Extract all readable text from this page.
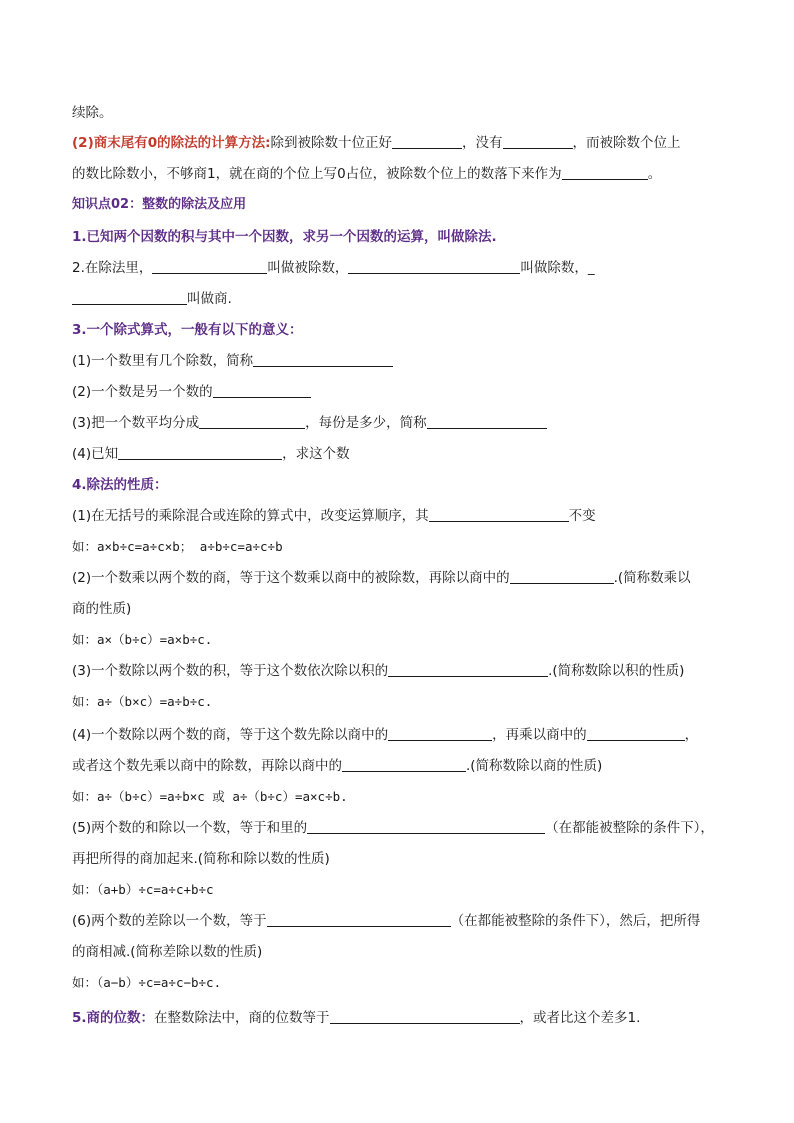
续除。
(2)商末尾有0的除法的计算方法:除到被除数十位正好	，没有	，而被除数个位上
的数比除数小，不够商1，就在商的个位上写0占位，被除数个位上的数落下来作为	。
知识点02：整数的除法及应用
1.已知两个因数的积与其中一个因数，求另一个因数的运算，叫做除法.
2.在除法里，	叫做被除数，	叫做除数，_
叫做商.
3.一个除式算式，一般有以下的意义：
(1)一个数里有几个除数，简称
(2)一个数是另一个数的
(3)把一个数平均分成	，每份是多少，简称
(4)已知	，求这个数
4.除法的性质：
(1)在无括号的乘除混合或连除的算式中，改变运算顺序，其	不变
如：a×b÷c=a÷c×b； a÷b÷c=a÷c÷b
(2)一个数乘以两个数的商，等于这个数乘以商中的被除数，再除以商中的	.(简称数乘以
商的性质)
如：a×（b÷c）=a×b÷c.
(3)一个数除以两个数的积，等于这个数依次除以积的	.(简称数除以积的性质)
如：a÷（b×c）=a÷b÷c.
(4)一个数除以两个数的商，等于这个数先除以商中的	，再乘以商中的	，
或者这个数先乘以商中的除数，再除以商中的	.(简称数除以商的性质)
如：a÷（b÷c）=a÷b×c 或 a÷（b÷c）=a×c÷b.
(5)两个数的和除以一个数，等于和里的	（在都能被整除的条件下），
再把所得的商加起来.(简称和除以数的性质)
如：（a+b）÷c=a÷c+b÷c
(6)两个数的差除以一个数，等于	（在都能被整除的条件下），然后，把所得
的商相减.(简称差除以数的性质)
如：（a−b）÷c=a÷c−b÷c.
5.商的位数：在整数除法中，商的位数等于	，或者比这个差多1.
